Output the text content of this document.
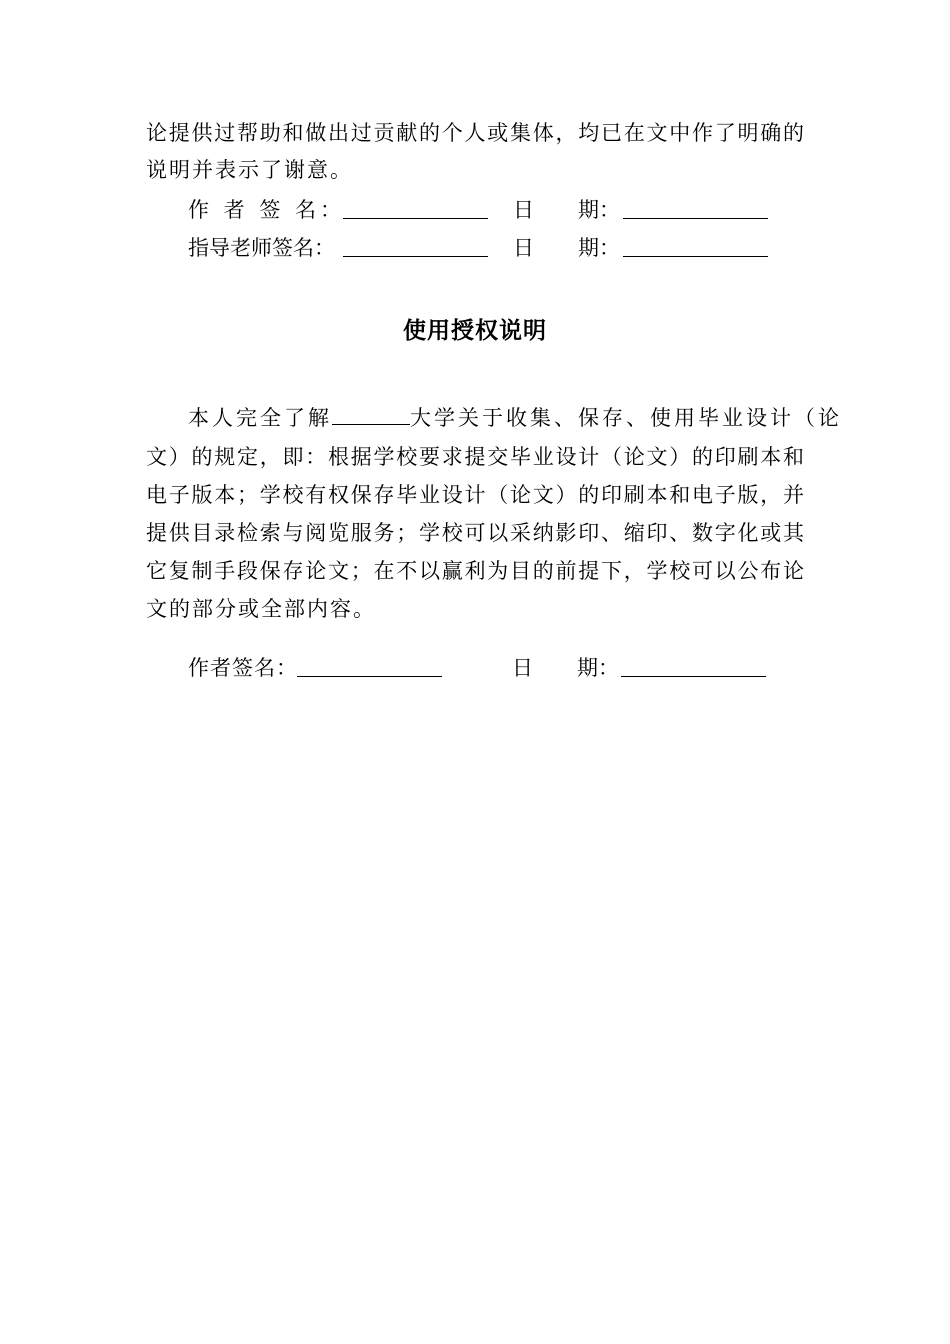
论提供过帮助和做出过贡献的个人或集体，均已在文中作了明确的
说明并表示了谢意。
作 者 签 名：	日 期：
指导老师签名：	日 期：
使用授权说明
本人完全了解	大学关于收集、保存、使用毕业设计（论
文）的规定，即：根据学校要求提交毕业设计（论文）的印刷本和
电子版本；学校有权保存毕业设计（论文）的印刷本和电子版，并
提供目录检索与阅览服务；学校可以采纳影印、缩印、数字化或其
它复制手段保存论文；在不以赢利为目的前提下，学校可以公布论
文的部分或全部内容。
作者签名：	日 期：
